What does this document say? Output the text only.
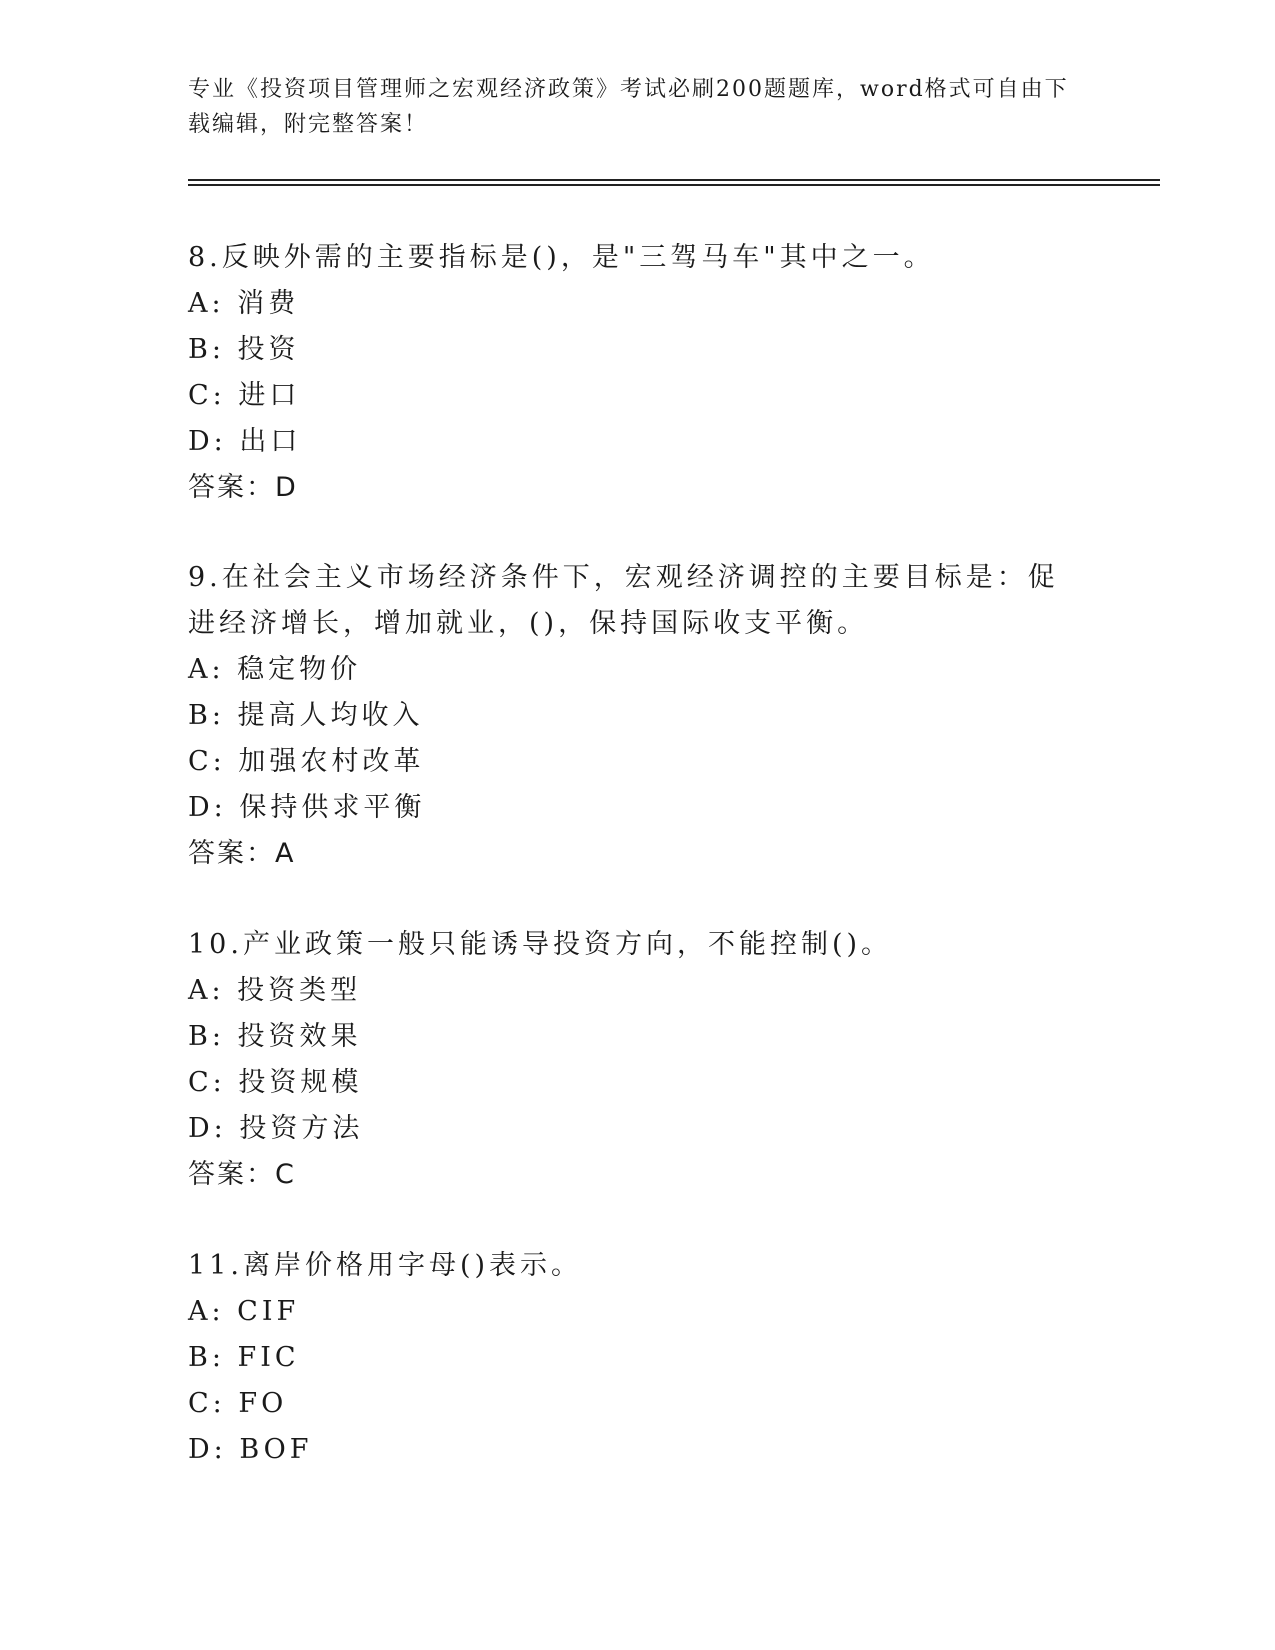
专业《投资项目管理师之宏观经济政策》考试必刷200题题库，word格式可自由下载编辑，附完整答案！
8.反映外需的主要指标是()，是"三驾马车"其中之一。
A: 消费
B: 投资
C: 进口
D: 出口
答案：D
9.在社会主义市场经济条件下，宏观经济调控的主要目标是：促进经济增长，增加就业，()，保持国际收支平衡。
A: 稳定物价
B: 提高人均收入
C: 加强农村改革
D: 保持供求平衡
答案：A
10.产业政策一般只能诱导投资方向，不能控制()。
A: 投资类型
B: 投资效果
C: 投资规模
D: 投资方法
答案：C
11.离岸价格用字母()表示。
A: CIF
B: FIC
C: FO
D: BOF
